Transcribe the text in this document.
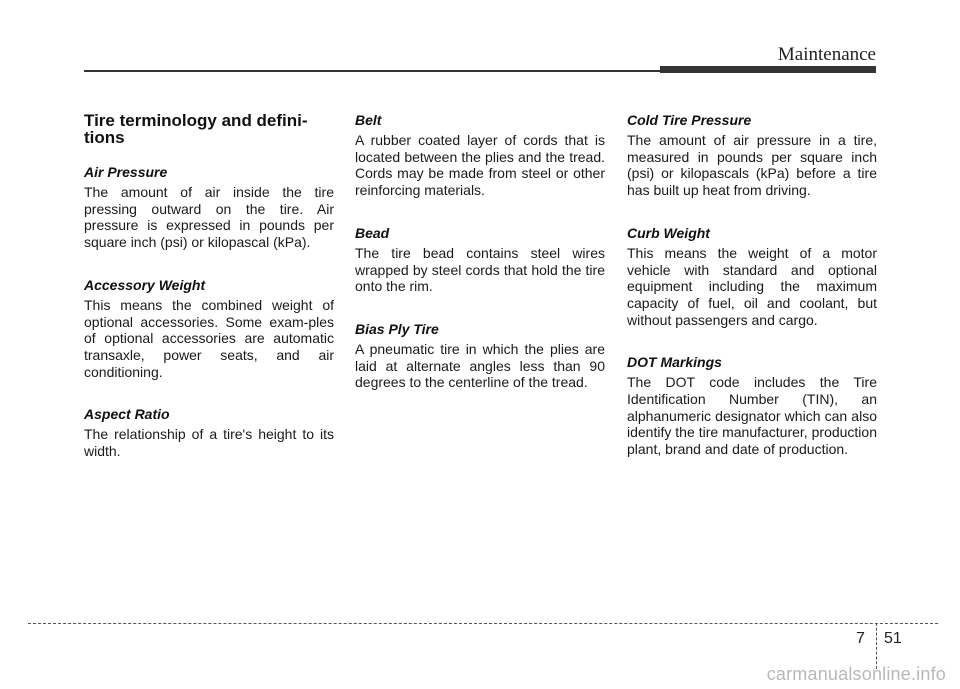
Maintenance
Tire terminology and defini-
tions
Air Pressure
The amount of air inside the tire pressing outward on the tire. Air pressure is expressed in pounds per square inch (psi) or kilopascal (kPa).
Accessory Weight
This means the combined weight of optional accessories. Some exam-ples of optional accessories are automatic transaxle, power seats, and air conditioning.
Aspect Ratio
The relationship of a tire's height to its width.
Belt
A rubber coated layer of cords that is located between the plies and the tread. Cords may be made from steel or other reinforcing materials.
Bead
The tire bead contains steel wires wrapped by steel cords that hold the tire onto the rim.
Bias Ply Tire
A pneumatic tire in which the plies are laid at alternate angles less than 90 degrees to the centerline of the tread.
Cold Tire Pressure
The amount of air pressure in a tire, measured in pounds per square inch (psi) or kilopascals (kPa) before a tire has built up heat from driving.
Curb Weight
This means the weight of a motor vehicle with standard and optional equipment including the maximum capacity of fuel, oil and coolant, but without passengers and cargo.
DOT Markings
The DOT code includes the Tire Identification Number (TIN), an alphanumeric designator which can also identify the tire manufacturer, production plant, brand and date of production.
7 51
carmanualsonline.info
